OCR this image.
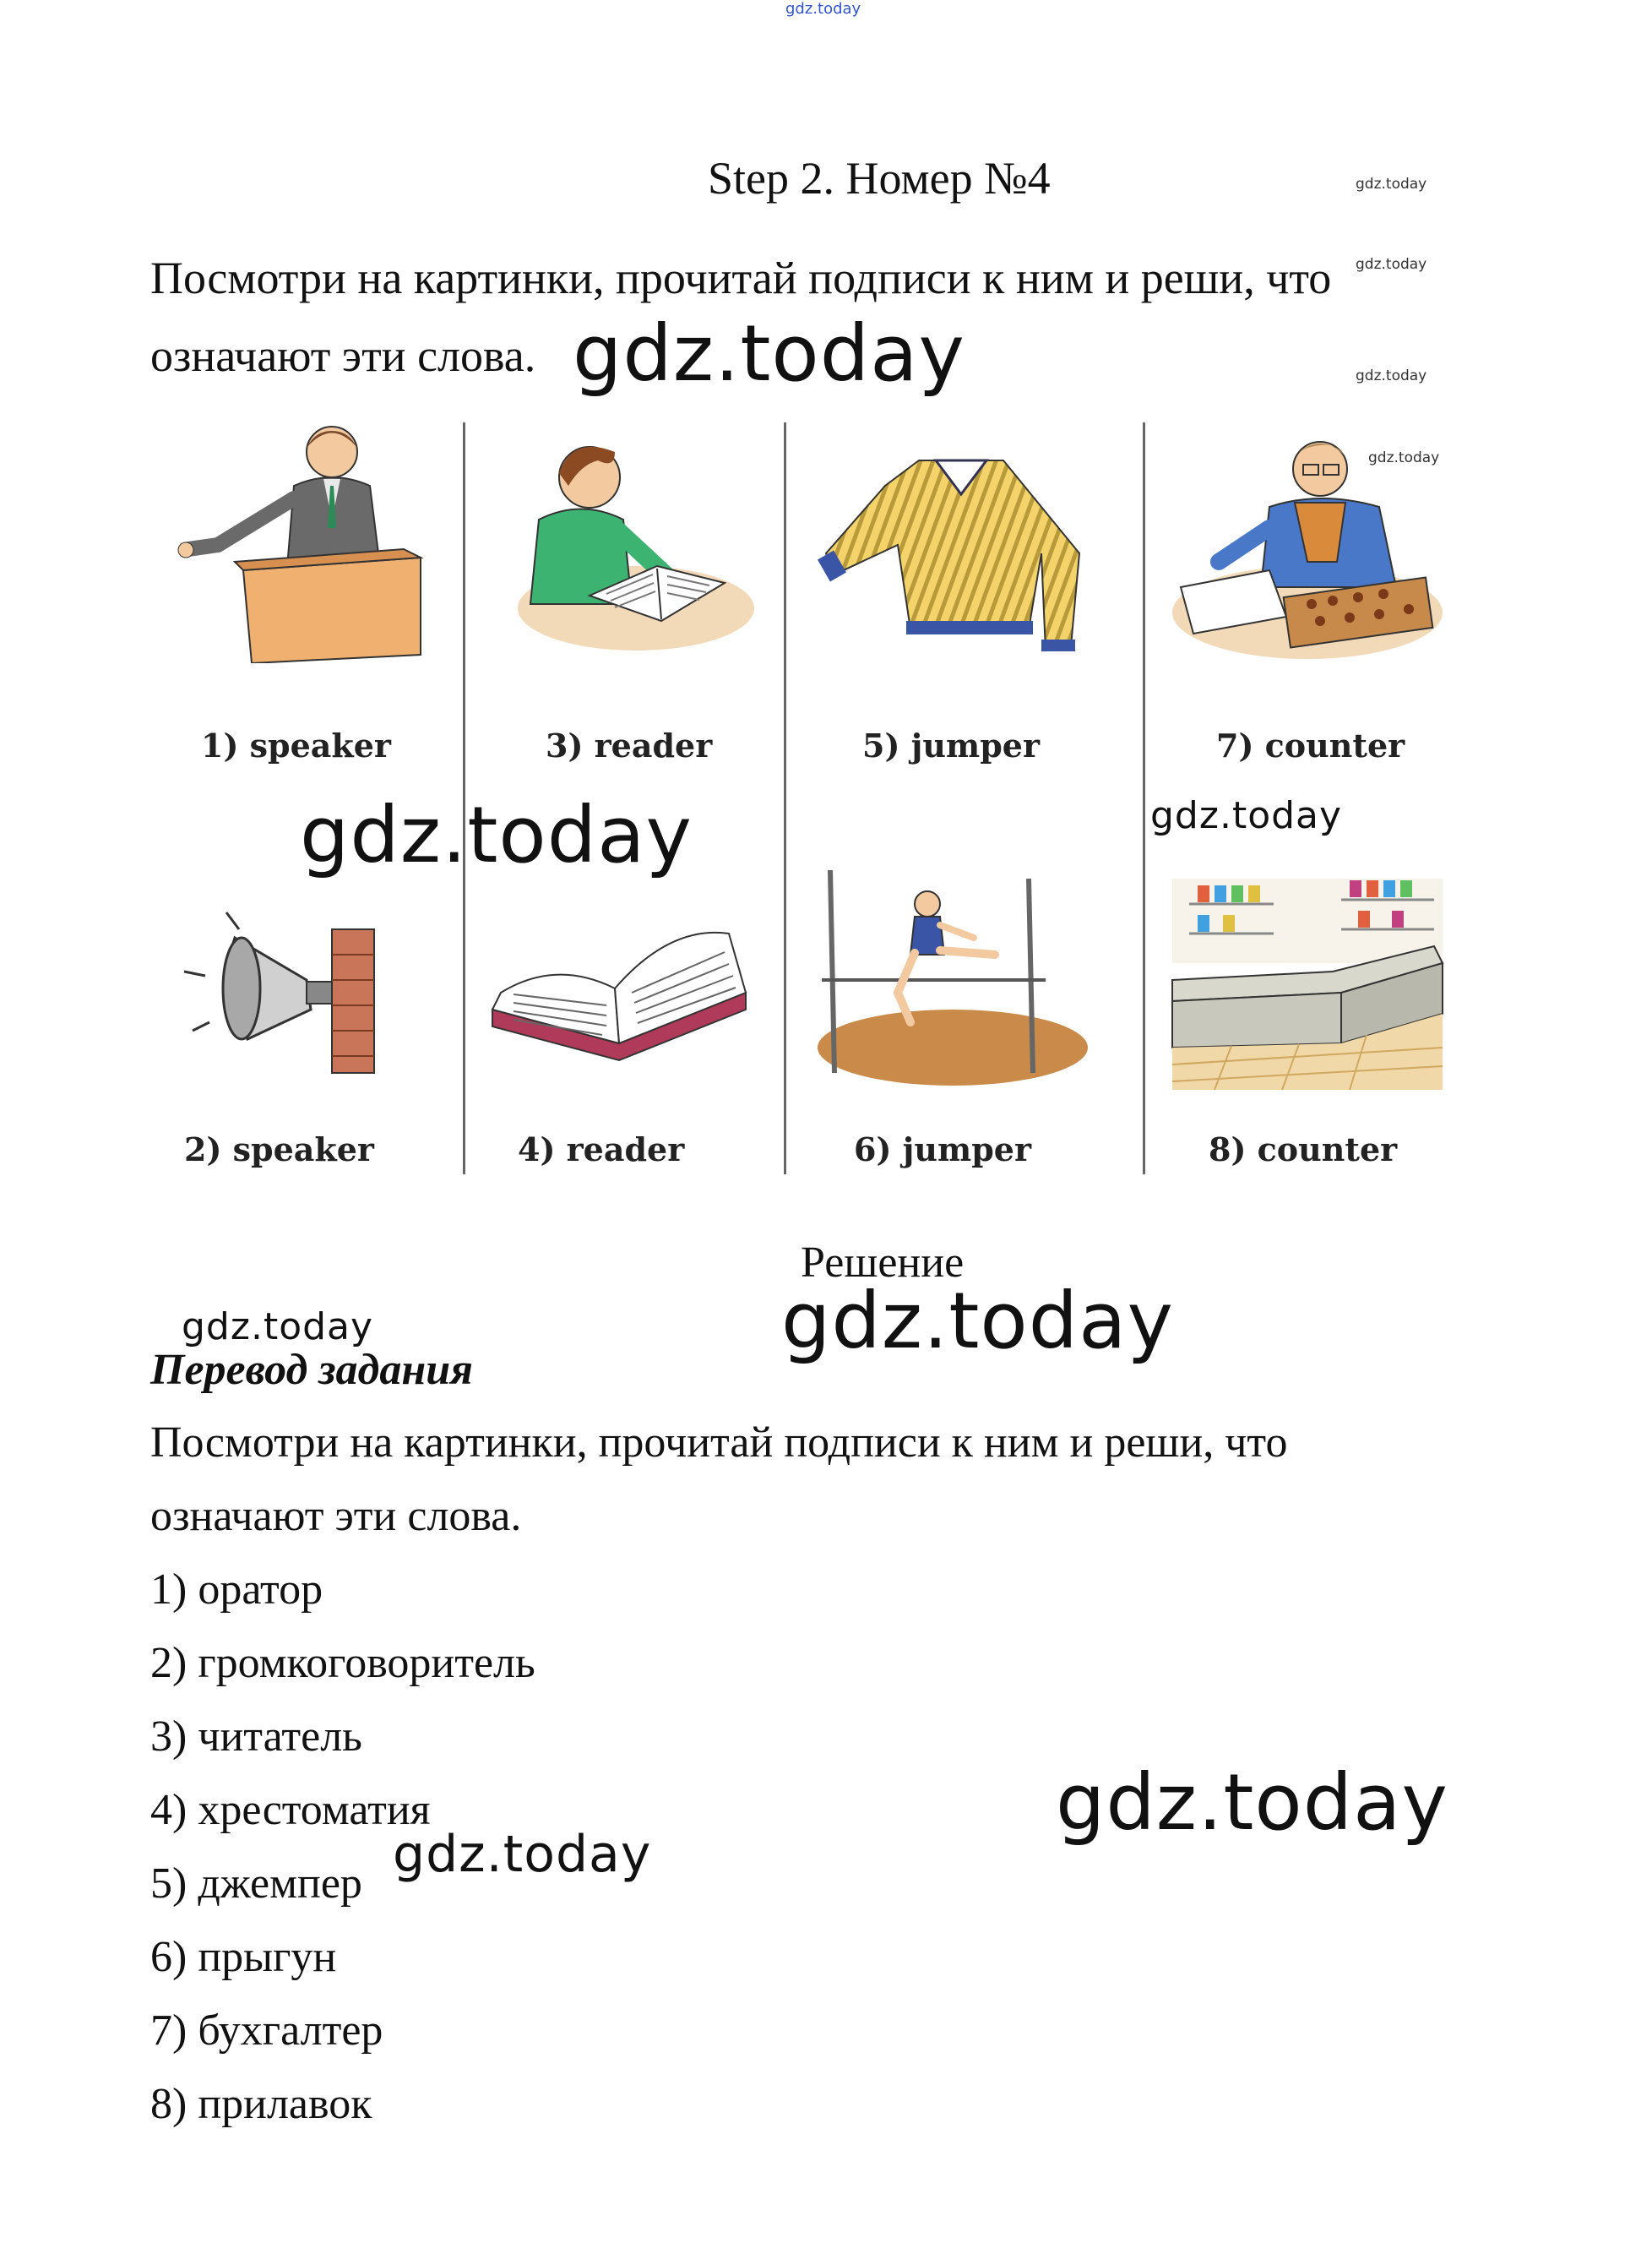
gdz.today
Step 2. Номер №4	gdz.today
Посмотри на картинки, прочитай подписи к ним и реши, что gdz.today
означают эти слова. gdz.today	gdz.today
1) speaker	3) reader	5) jumper	7) counter
2) speaker	4) reader	6) jumper	8) counter
gdz.today
gdz.today	gdz.today
Решение
gdz.today
gdz.today
Перевод задания
Посмотри на картинки, прочитай подписи к ним и реши, что
означают эти слова.
1) оратор
2) громкоговоритель
3) читатель
4) хрестоматия
5) джемпер
6) прыгун
7) бухгалтер
8) прилавок
gdz.today
gdz.today
